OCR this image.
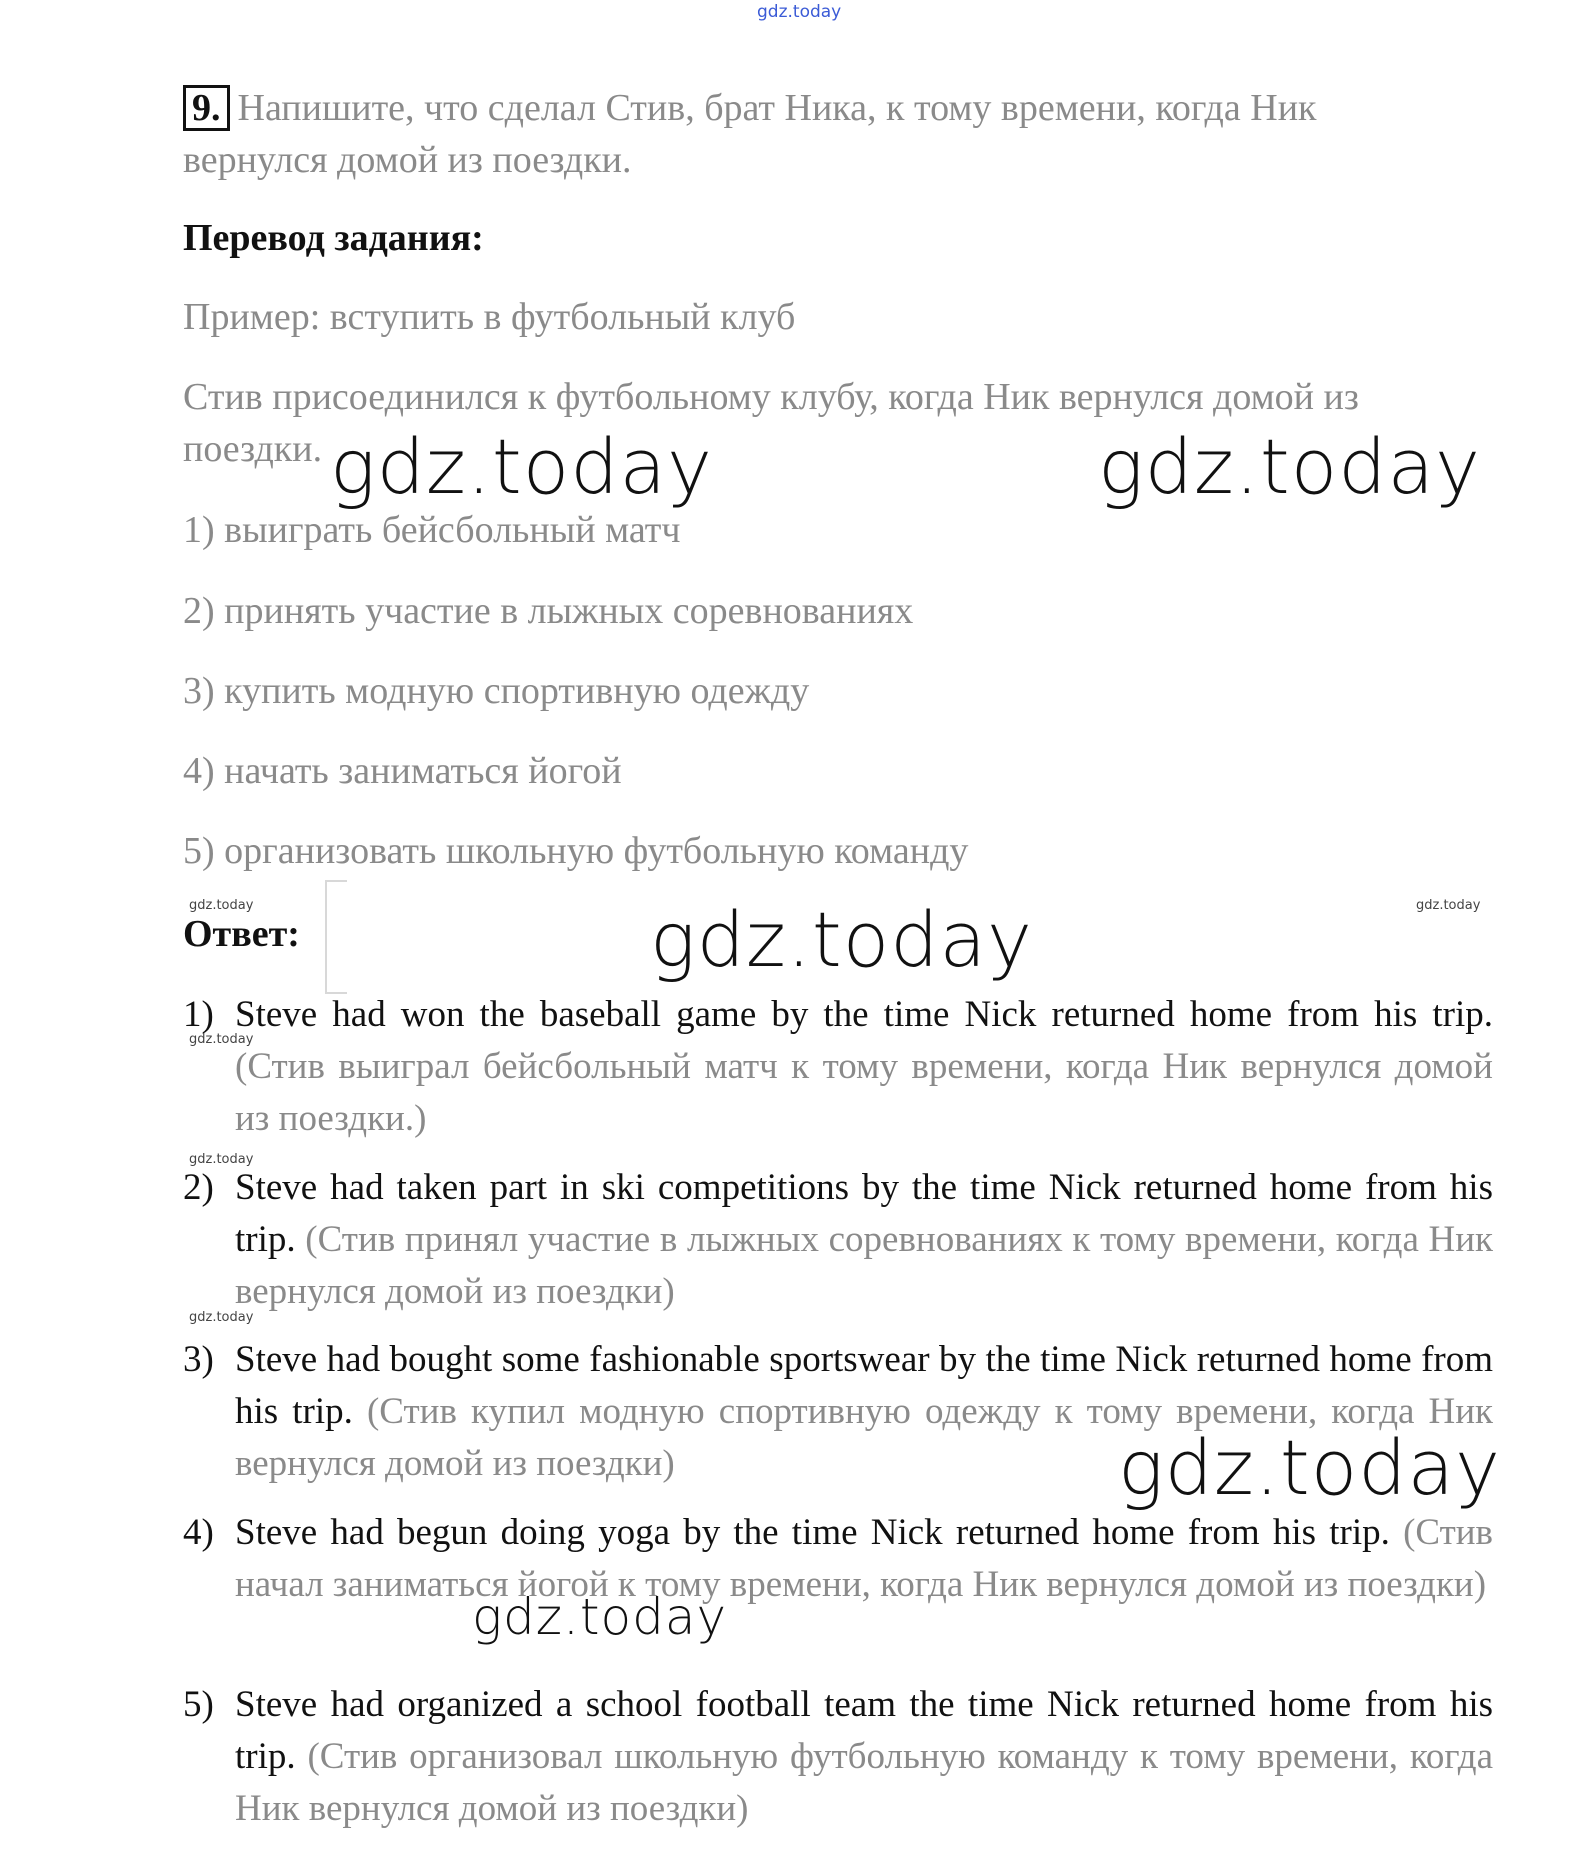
gdz.today
9. Напишите, что сделал Стив, брат Ника, к тому времени, когда Ник
вернулся домой из поездки.
Перевод задания:
Пример: вступить в футбольный клуб
Стив присоединился к футбольному клубу, когда Ник вернулся домой из
поездки.
1) выиграть бейсбольный матч
2) принять участие в лыжных соревнованиях
3) купить модную спортивную одежду
4) начать заниматься йогой
5) организовать школьную футбольную команду
Ответ:
1) Steve had won the baseball game by the time Nick returned home from his trip. (Стив выиграл бейсбольный матч к тому времени, когда Ник вернулся домой из поездки.)
2) Steve had taken part in ski competitions by the time Nick returned home from his trip. (Стив принял участие в лыжных соревнованиях к тому времени, когда Ник вернулся домой из поездки)
3) Steve had bought some fashionable sportswear by the time Nick returned home from his trip. (Стив купил модную спортивную одежду к тому времени, когда Ник вернулся домой из поездки)
4) Steve had begun doing yoga by the time Nick returned home from his trip. (Стив начал заниматься йогой к тому времени, когда Ник вернулся домой из поездки)
5) Steve had organized a school football team the time Nick returned home from his trip. (Стив организовал школьную футбольную команду к тому времени, когда Ник вернулся домой из поездки)
gdz.today	gdz.today
gdz.today
gdz.today
gdz.today
gdz.today	gdz.today
gdz.today
gdz.today
gdz.today
